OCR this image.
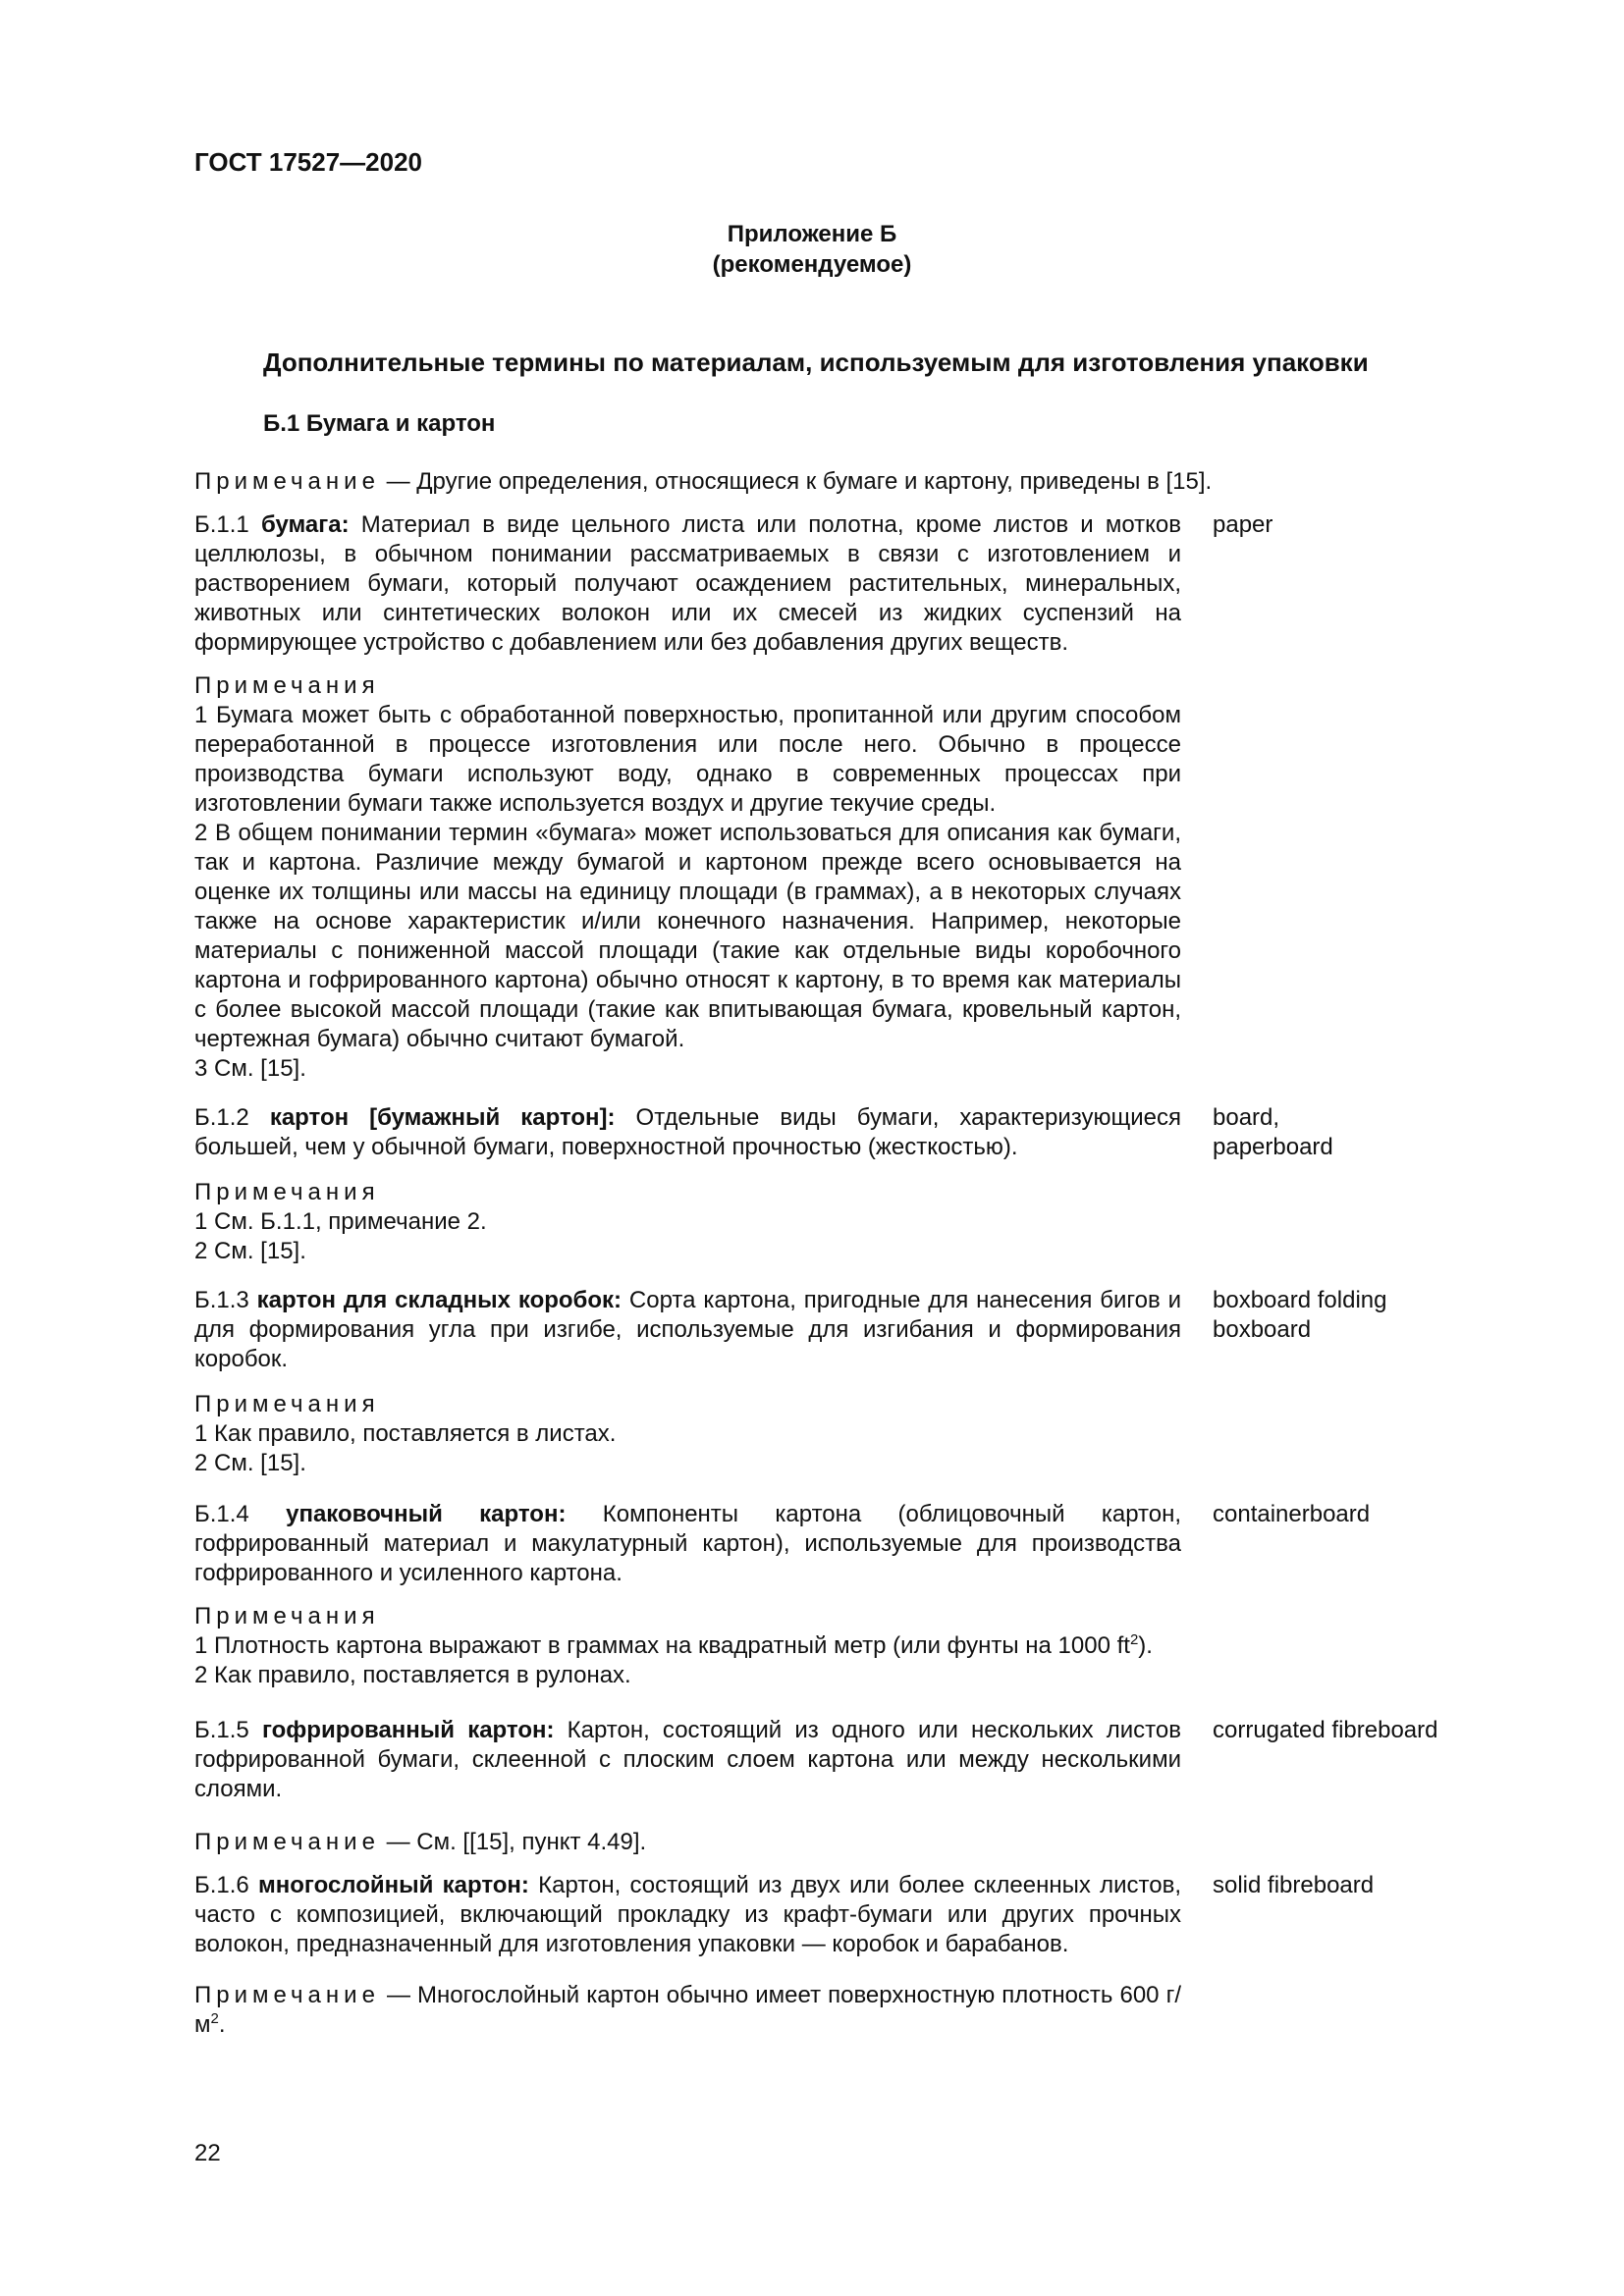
ГОСТ 17527—2020
Приложение Б
(рекомендуемое)
Дополнительные термины по материалам, используемым для изготовления упаковки
Б.1 Бумага и картон
Примечание — Другие определения, относящиеся к бумаге и картону, приведены в [15].
Б.1.1 бумага: Материал в виде цельного листа или полотна, кроме листов и мотков целлюлозы, в обычном понимании рассматриваемых в связи с изготовлением и растворением бумаги, который получают осаждением растительных, минеральных, животных или синтетических волокон или их смесей из жидких суспензий на формирующее устройство с добавлением или без добавления других веществ.
paper
Примечания
1 Бумага может быть с обработанной поверхностью, пропитанной или другим способом переработанной в процессе изготовления или после него. Обычно в процессе производства бумаги используют воду, однако в современных процессах при изготовлении бумаги также используется воздух и другие текучие среды.
2 В общем понимании термин «бумага» может использоваться для описания как бумаги, так и картона. Различие между бумагой и картоном прежде всего основывается на оценке их толщины или массы на единицу площади (в граммах), а в некоторых случаях также на основе характеристик и/или конечного назначения. Например, некоторые материалы с пониженной массой площади (такие как отдельные виды коробочного картона и гофрированного картона) обычно относят к картону, в то время как материалы с более высокой массой площади (такие как впитывающая бумага, кровельный картон, чертежная бумага) обычно считают бумагой.
3 См. [15].
Б.1.2 картон [бумажный картон]: Отдельные виды бумаги, характеризующиеся большей, чем у обычной бумаги, поверхностной прочностью (жесткостью).
board,
paperboard
Примечания
1 См. Б.1.1, примечание 2.
2 См. [15].
Б.1.3 картон для складных коробок: Сорта картона, пригодные для нанесения бигов и для формирования угла при изгибе, используемые для изгибания и формирования коробок.
boxboard folding
boxboard
Примечания
1 Как правило, поставляется в листах.
2 См. [15].
Б.1.4 упаковочный картон: Компоненты картона (облицовочный картон, гофрированный материал и макулатурный картон), используемые для производства гофрированного и усиленного картона.
containerboard
Примечания
1 Плотность картона выражают в граммах на квадратный метр (или фунты на 1000 $ft^2$).
2 Как правило, поставляется в рулонах.
Б.1.5 гофрированный картон: Картон, состоящий из одного или нескольких листов гофрированной бумаги, склеенной с плоским слоем картона или между несколькими слоями.
corrugated fibreboard
Примечание — См. [[15], пункт 4.49].
Б.1.6 многослойный картон: Картон, состоящий из двух или более склеенных листов, часто с композицией, включающий прокладку из крафт-бумаги или других прочных волокон, предназначенный для изготовления упаковки — коробок и барабанов.
solid fibreboard
Примечание — Многослойный картон обычно имеет поверхностную плотность 600 $г/м^2$.
22
